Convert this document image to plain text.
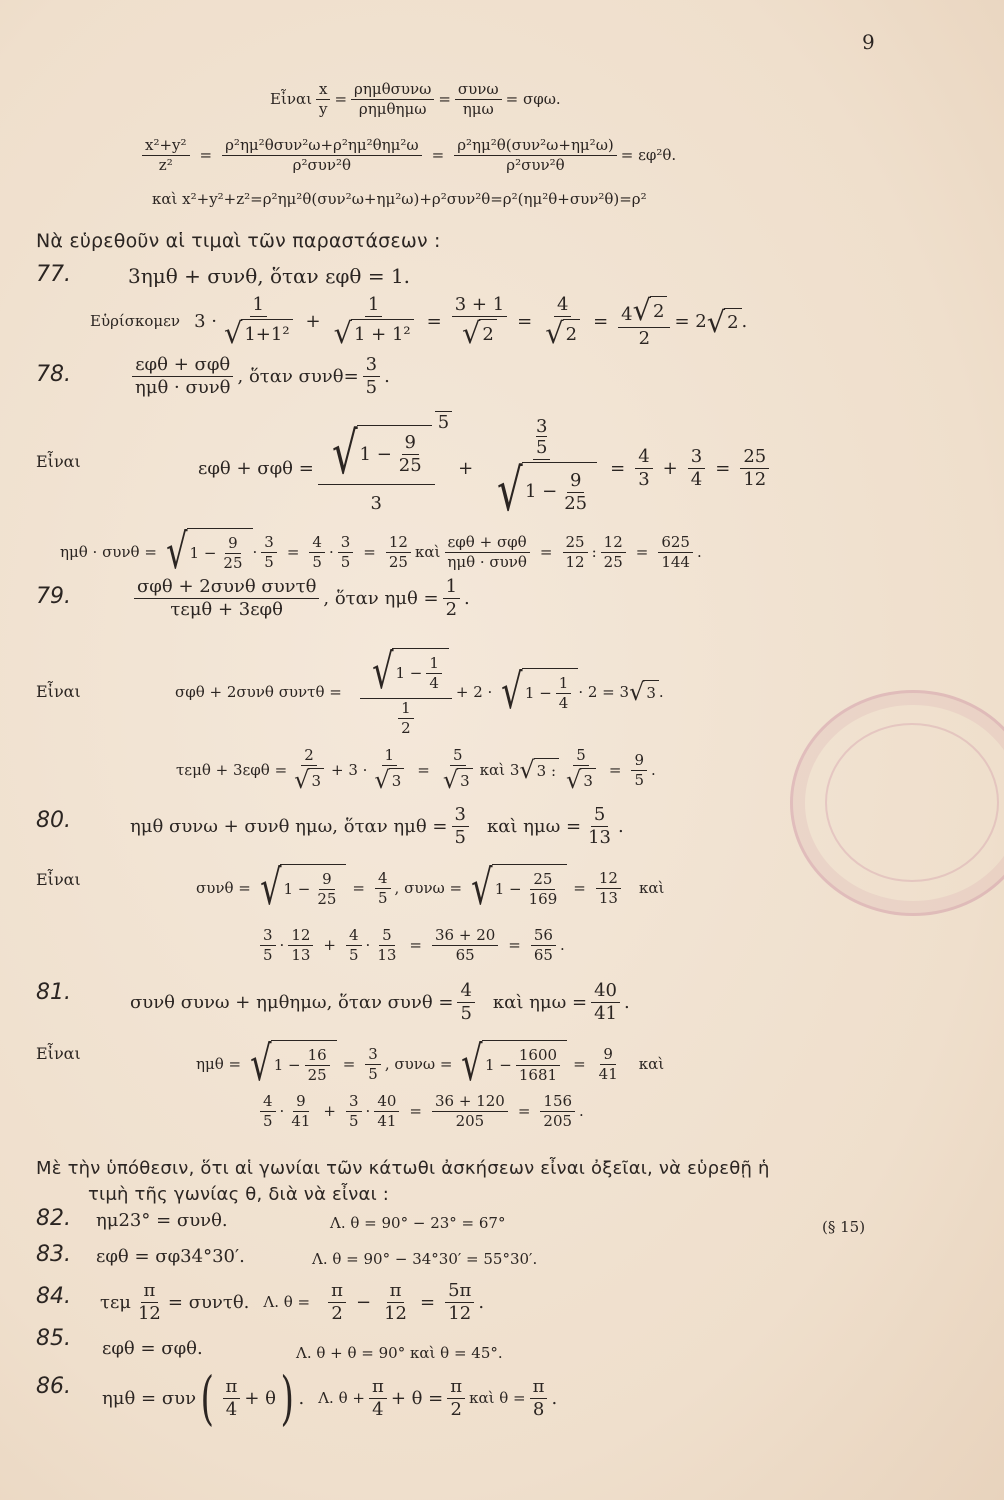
9
Εἶναι $\frac{x}{y} = \frac{\text{ρημθσυνω}}{\text{ρημθημω}} = \frac{\text{συνω}}{\text{ημω}} = \sigma\varphi\omega$.
$\frac{\text{x²+y²}}{\text{z²}} = \frac{\text{ρ²ημ²θσυν²ω+ρ²ημ²θημ²ω}}{\text{ρ²συν²θ}} = \frac{\text{ρ²ημ²θ(συν²ω+ημ²ω)}}{\text{ρ²συν²θ}} = \varepsilon\varphi^2\theta$.
καὶ x²+y²+z²=ρ²ημ²θ(συν²ω+ημ²ω)+ρ²συν²θ=ρ²(ημ²θ+συν²θ)=ρ²
Νὰ εὑρεθοῦν αἱ τιμαὶ τῶν παραστάσεων :
77.	3ημθ + συνθ, ὅταν εφθ = 1.
Εὑρίσκομεν $3 \cdot \frac{1}{\text{√ 1+1²}} + \frac{1}{\text{√ 1 + 1²}} = \frac{3 + 1}{√ 2} = \frac{4}{√ 2} = \frac{4 √ 2}{2} = 2$ √ 2 .
78.	$\frac{\text{εφθ + σφθ}}{\text{ημθ · συνθ}}$ , ὅταν $\sigma\upsilon\nu\theta= \frac{3}{5}$ .
Εἶναι	$\varepsilon\varphi\theta + \sigma\varphi\theta = \frac{√ 1 - \frac{9}{25}}{3}$
5
+ 3
5
√ $1 - \frac{9}{25} = \frac{4}{3} + \frac{3}{4} = \frac{25}{12}$
ημθ · συνθ = √ $1 - \frac{9}{25} \cdot \frac{3}{5} = \frac{4}{5} \cdot \frac{3}{5} = \frac{12}{25}$ καὶ $\frac{\text{εφθ + σφθ}}{\text{ημθ · συνθ}} = \frac{25}{12}$ : $\frac{12}{25} = \frac{625}{144}$ .
79.	$\frac{\text{σφθ + 2συνθ συντθ}}{\text{τεμθ + 3εφθ}}$ , ὅταν $\eta\mu\theta = \frac{1}{2}$ .
Εἶναι	σφθ + 2συνθ $\sigma\upsilon\nu\tau\theta = \frac{√ 1 - \frac{1}{4}}{\frac{1}{2}} + 2$ · √ $1 - \frac{1}{4} \cdot 2 = 3$ √ 3 .
$\tau\varepsilon\mu\theta + 3\varepsilon\varphi\theta = \frac{2}{√ 3} + 3 \cdot \frac{1}{√ 3} = \frac{5}{√ 3}$ καὶ 3 √ 3 : $\frac{5}{√ 3} = \frac{9}{5}$ .
80.	ημθ συνω + συνθ ημω, ὅταν $\eta\mu\theta = \frac{3}{5}$ καὶ $\eta\mu\omega = \frac{5}{13}$ .
Εἶναι	συνθ = √ $1 - \frac{9}{25} = \frac{4}{5}$ , συνω = √ $1 - \frac{25}{169} = \frac{12}{13}$ καὶ
$\frac{3}{5} \cdot \frac{12}{13} + \frac{4}{5} \cdot \frac{5}{13} = \frac{36 + 20}{65} = \frac{56}{65}$ .
81.	συνθ συνω + ημθημω, ὅταν $\sigma\upsilon\nu\theta = \frac{4}{5}$ καὶ $\eta\mu\omega = \frac{40}{41}$ .
Εἶναι
ημθ = √ $1 - \frac{16}{25} = \frac{3}{5}$ , συνω = √ $1 - \frac{1600}{1681} = \frac{9}{41}$ καὶ
$\frac{4}{5} \cdot \frac{9}{41} + \frac{3}{5} \cdot \frac{40}{41} = \frac{36 + 120}{205} = \frac{156}{205}$ .
Μὲ τὴν ὑπόθεσιν, ὅτι αἱ γωνίαι τῶν κάτωθι ἀσκήσεων εἶναι ὀξεῖαι, νὰ εὑρεθῇ ἡ
τιμὴ τῆς γωνίας θ, διὰ νὰ εἶναι :
82. ημ23° = συνθ.	Λ. θ = 90° − 23° = 67°	(§ 15)
83. εφθ = σφ34°30′.	Λ. θ = 90° − 34°30′ = 55°30′.
84. τεμ $\frac{\pi}{12} = \sigma\upsilon\nu\tau\theta$. Λ. $\theta = \frac{\pi}{2} - \frac{\pi}{12} = \frac{5\pi}{12}$ .
85. εφθ = σφθ.	Λ. θ + θ = 90° καὶ θ = 45°.
86. ημθ = συν ( $\frac{\pi}{4} + \theta$ ) . Λ. $\theta + \frac{\pi}{4} + \theta = \frac{\pi}{2}$ καὶ $\theta = \frac{\pi}{8}$ .
